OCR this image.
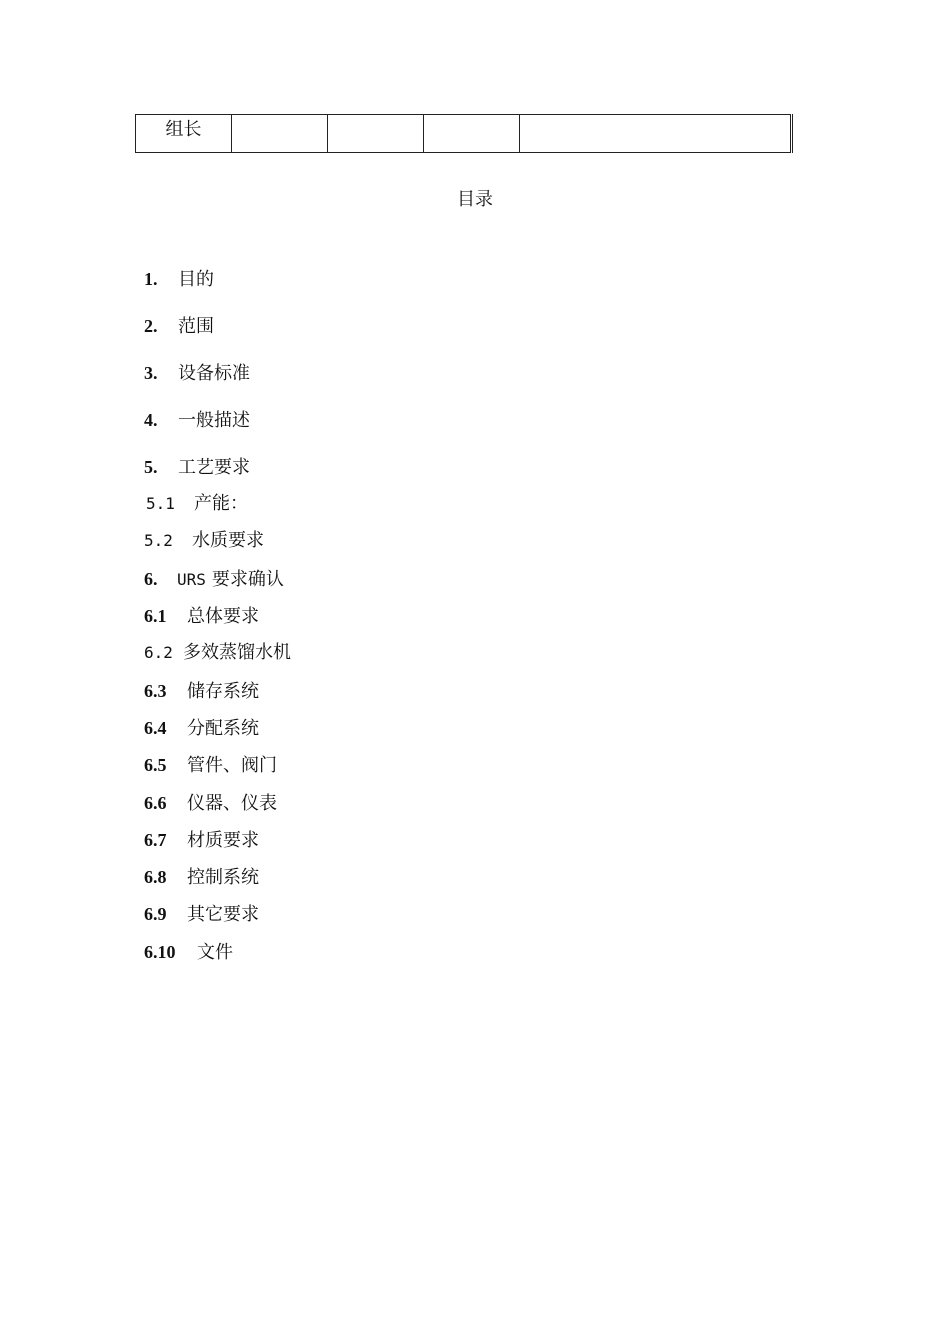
组长				
目录
1. 目的
2. 范围
3. 设备标准
4. 一般描述
5. 工艺要求
5.1 产能：
5.2 水质要求
6. URS 要求确认
6.1 总体要求
6.2 多效蒸馏水机
6.3 储存系统
6.4 分配系统
6.5 管件、阀门
6.6 仪器、仪表
6.7 材质要求
6.8 控制系统
6.9 其它要求
6.10 文件
